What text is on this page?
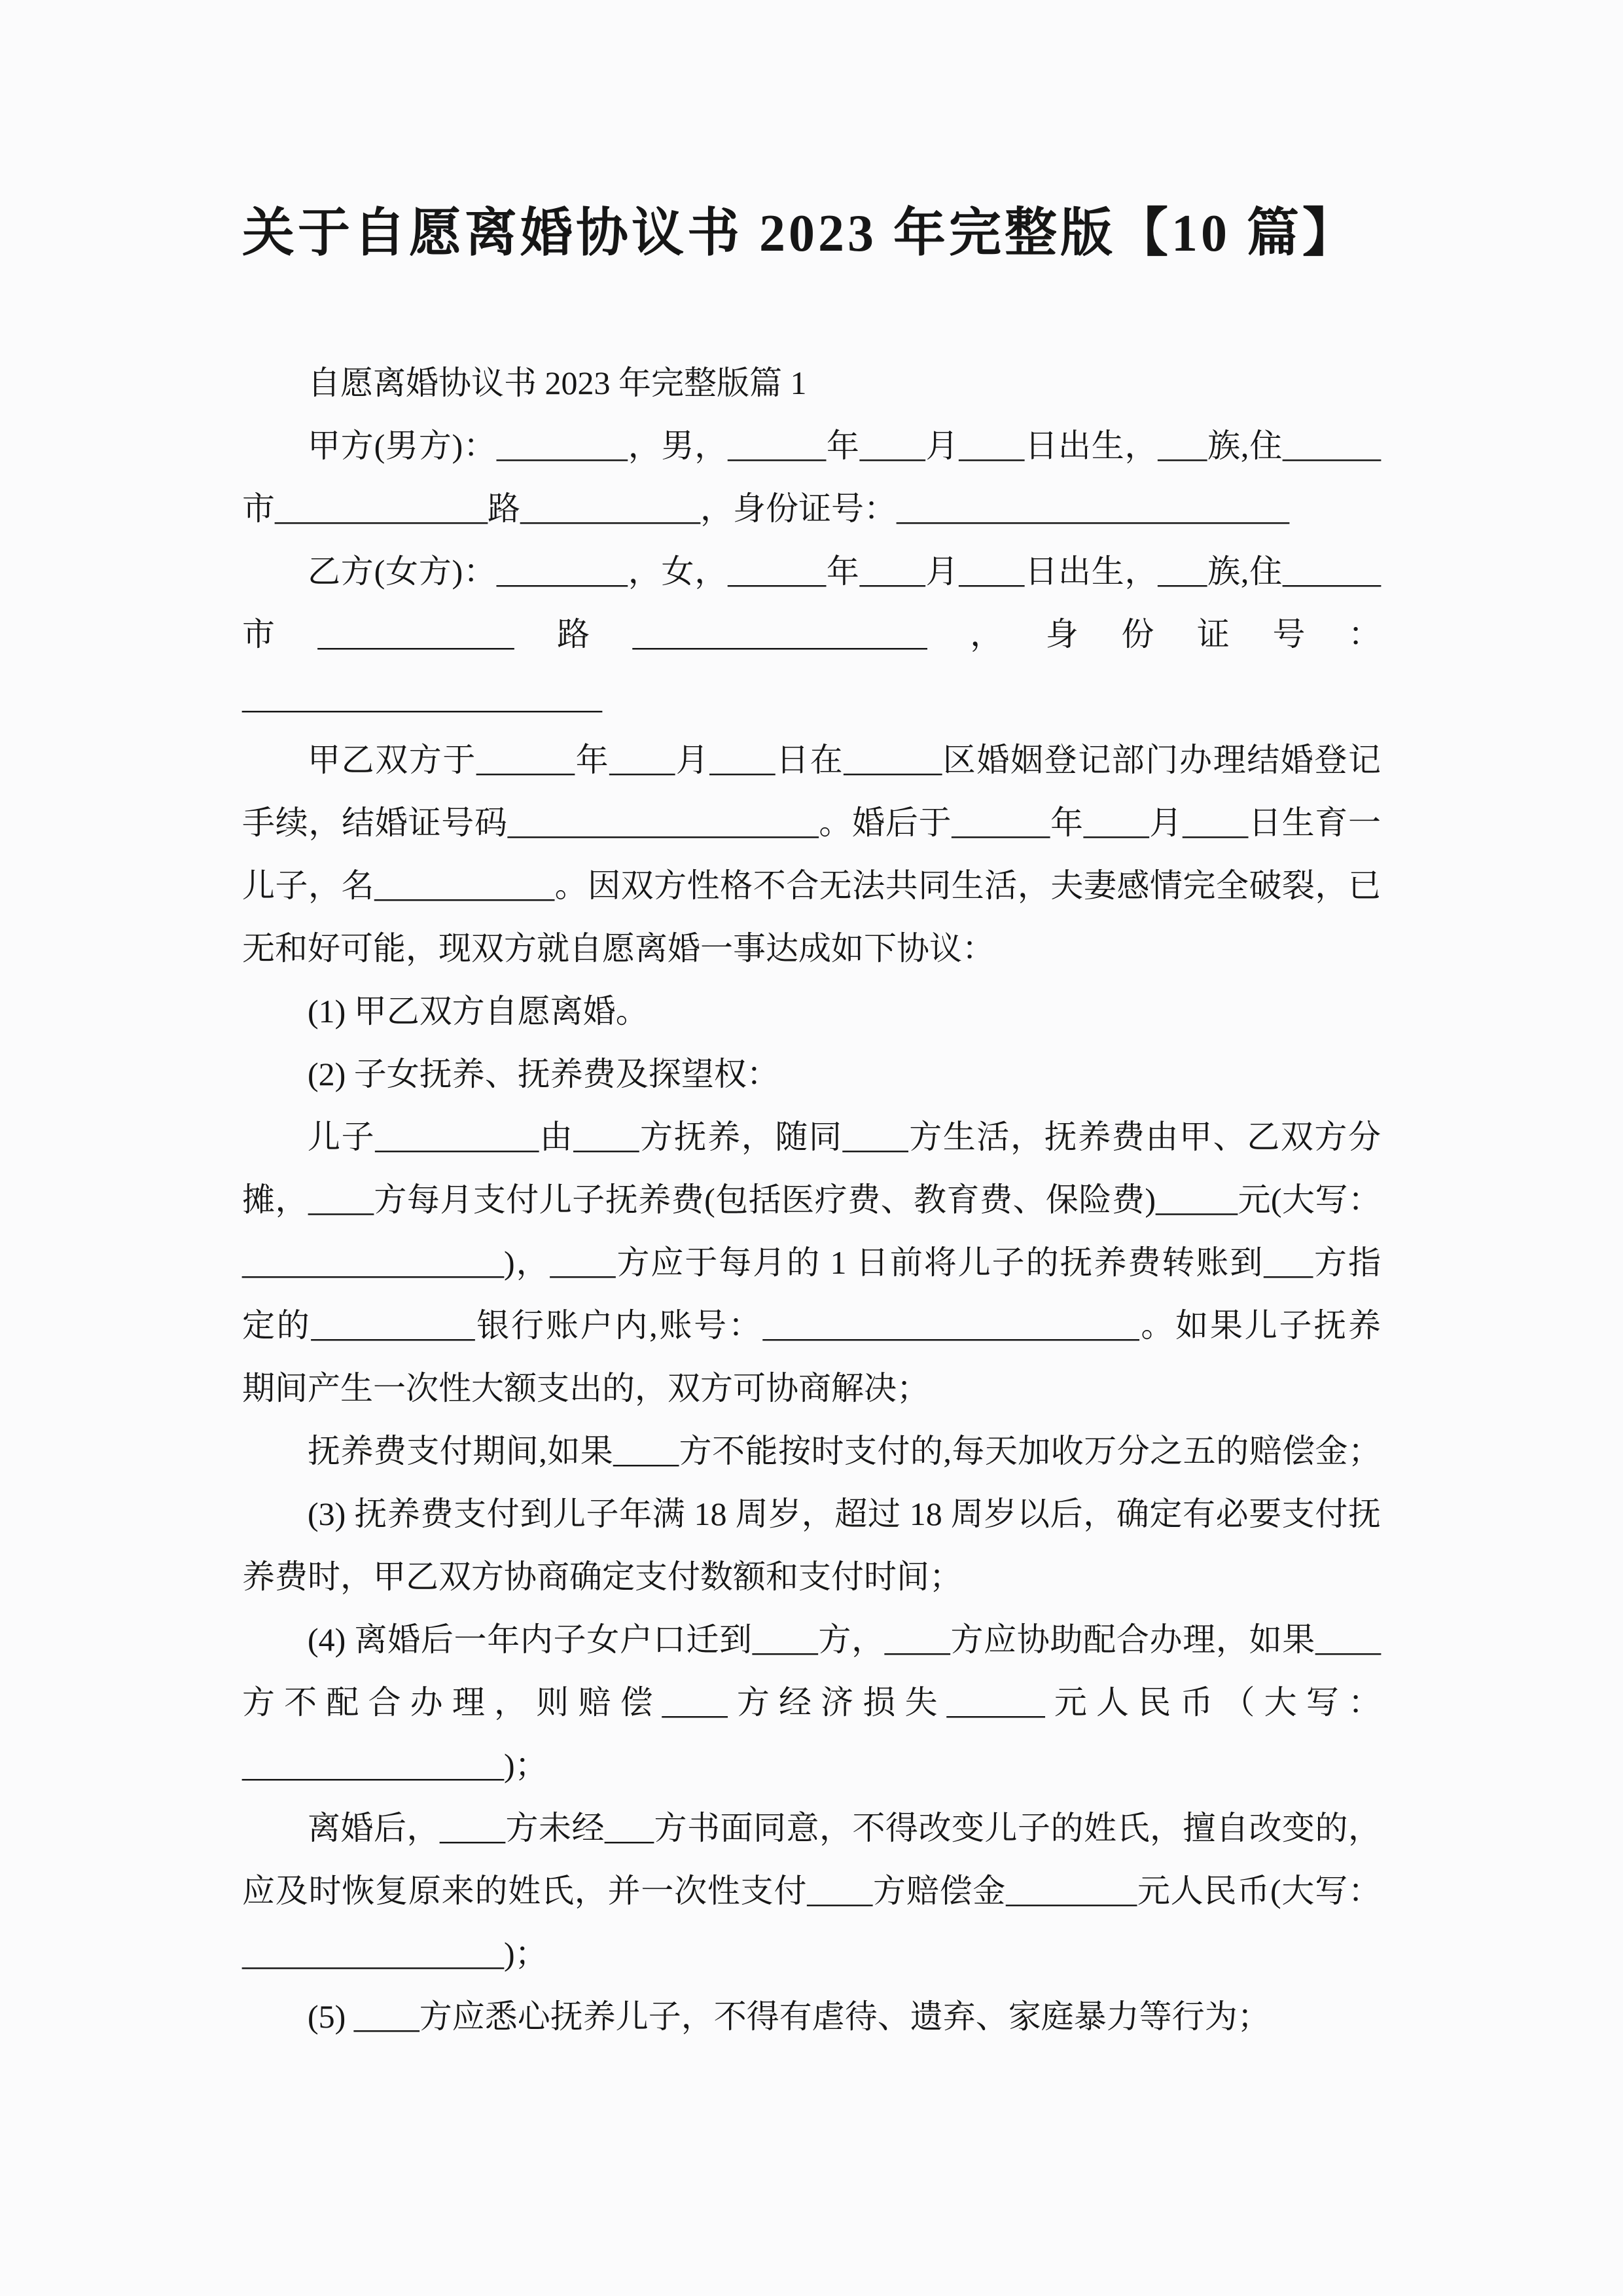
关于自愿离婚协议书 2023 年完整版【10 篇】
自愿离婚协议书 2023 年完整版篇 1
甲方(男方)：________，男，______年____月____日出生，___族,住______
市_____________路___________，身份证号：________________________
乙方(女方)：________，女，______年____月____日出生，___族,住______
市____________路__________________，身份证号：
______________________
甲乙双方于______年____月____日在______区婚姻登记部门办理结婚登记
手续，结婚证号码___________________。婚后于______年____月____日生育一
儿子，名___________。因双方性格不合无法共同生活，夫妻感情完全破裂，已
无和好可能，现双方就自愿离婚一事达成如下协议：
(1) 甲乙双方自愿离婚。
(2) 子女抚养、抚养费及探望权：
儿子__________由____方抚养，随同____方生活，抚养费由甲、乙双方分
摊，____方每月支付儿子抚养费(包括医疗费、教育费、保险费)_____元(大写：
________________)，____方应于每月的 1 日前将儿子的抚养费转账到___方指
定的__________银行账户内,账号：_______________________。如果儿子抚养
期间产生一次性大额支出的，双方可协商解决；
抚养费支付期间,如果____方不能按时支付的,每天加收万分之五的赔偿金；
(3) 抚养费支付到儿子年满 18 周岁，超过 18 周岁以后，确定有必要支付抚
养费时，甲乙双方协商确定支付数额和支付时间；
(4) 离婚后一年内子女户口迁到____方，____方应协助配合办理，如果____
方不配合办理，则赔偿____方经济损失______元人民币（大写：
________________)；
离婚后，____方未经___方书面同意，不得改变儿子的姓氏，擅自改变的，
应及时恢复原来的姓氏，并一次性支付____方赔偿金________元人民币(大写：
________________)；
(5) ____方应悉心抚养儿子，不得有虐待、遗弃、家庭暴力等行为；
